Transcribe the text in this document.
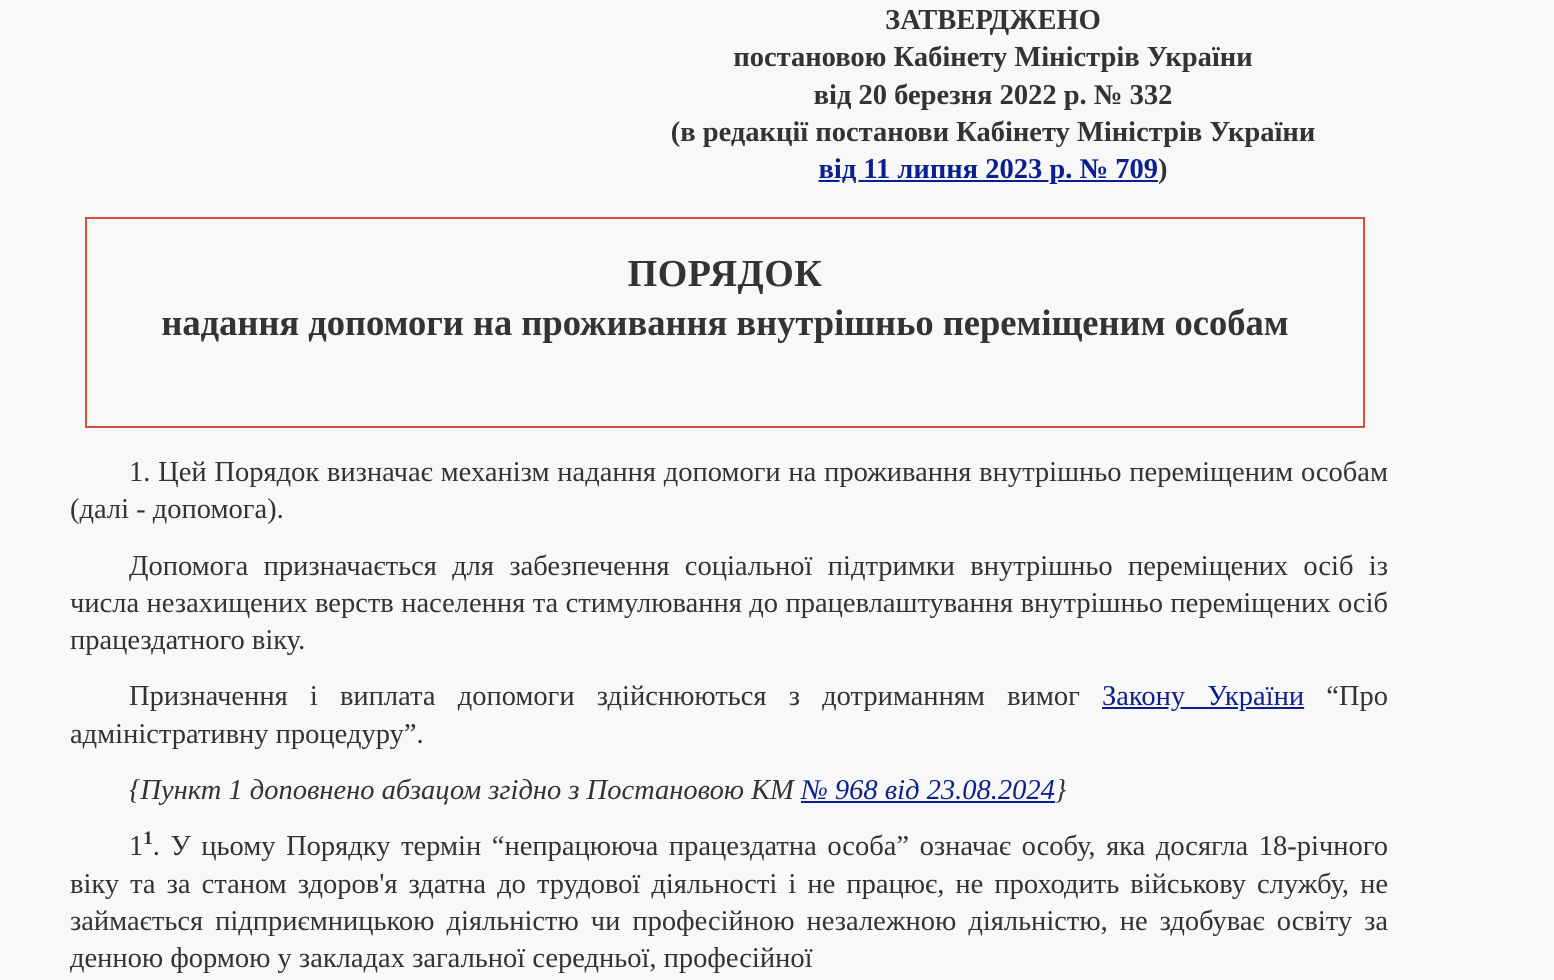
ЗАТВЕРДЖЕНО
постановою Кабінету Міністрів України
від 20 березня 2022 р. № 332
(в редакції постанови Кабінету Міністрів України
від 11 липня 2023 р. № 709)
ПОРЯДОК
надання допомоги на проживання внутрішньо переміщеним особам

1. Цей Порядок визначає механізм надання допомоги на проживання внутрішньо переміщеним особам (далі - допомога).

Допомога призначається для забезпечення соціальної підтримки внутрішньо переміщених осіб із числа незахищених верств населення та стимулювання до працевлаштування внутрішньо переміщених осіб працездатного віку.

Призначення і виплата допомоги здійснюються з дотриманням вимог Закону України “Про адміністративну процедуру”.

{Пункт 1 доповнено абзацом згідно з Постановою КМ № 968 від 23.08.2024}

$1^1$. У цьому Порядку термін “непрацююча працездатна особа” означає особу, яка досягла 18-річного віку та за станом здоров'я здатна до трудової діяльності і не працює, не проходить військову службу, не займається підприємницькою діяльністю чи професійною незалежною діяльністю, не здобуває освіту за денною формою у закладах загальної середньої, професійної
